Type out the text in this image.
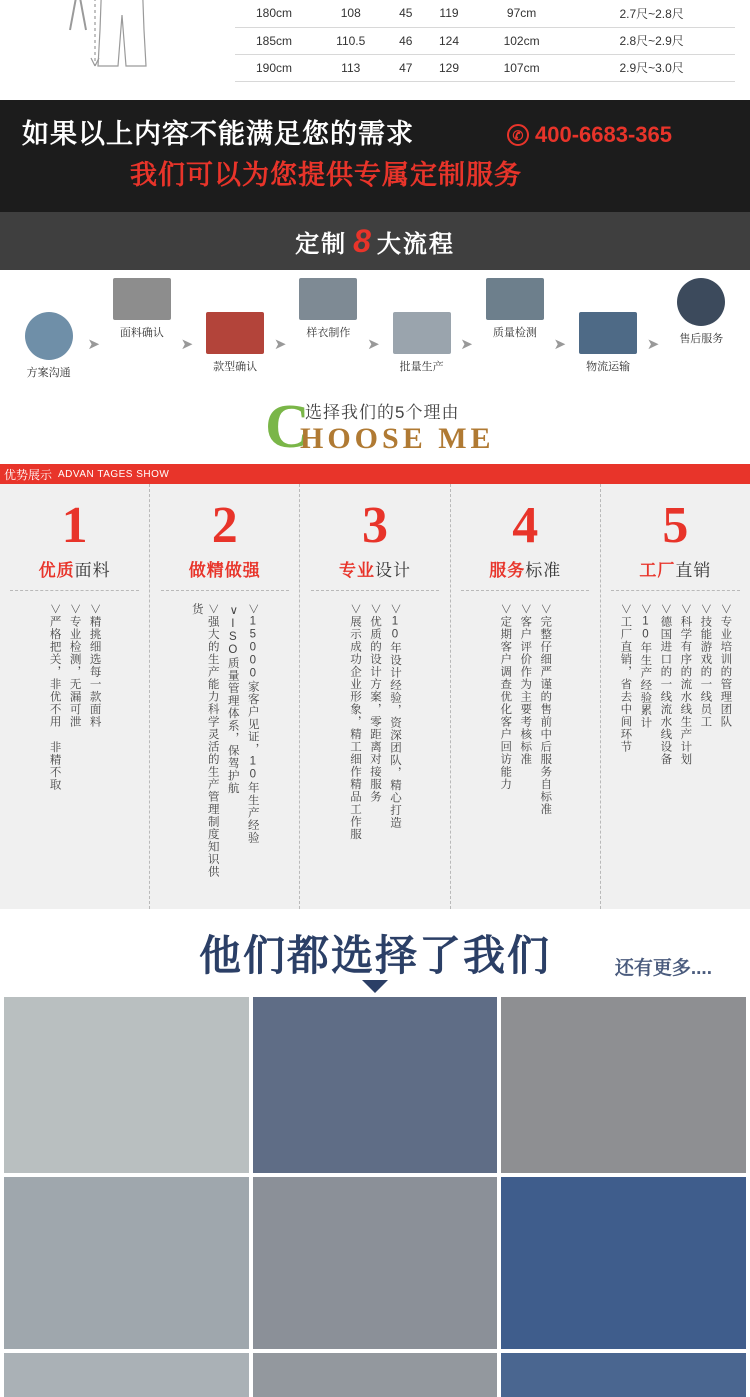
180cm	108	45	119	97cm	2.7尺~2.8尺
185cm	110.5	46	124	102cm	2.8尺~2.9尺
190cm	113	47	129	107cm	2.9尺~3.0尺
如果以上内容不能满足您的需求
我们可以为您提供专属定制服务
✆ 400-6683-365
定制 8 大流程
方案沟通
➤
面料确认
➤
款型确认
➤
样衣制作
➤
批量生产
➤
质量检测
➤
物流运输
➤	售后服务
C
选择我们的5个理由
HOOSE ME
优势展示 ADVAN TAGES SHOW
1
优质面料
∨精挑细选每一款面料
∨专业检测，无漏可泄
∨严格把关，非优不用 非精不取
2
做精做强
∨15000家客户见证，10年生产经验
∨ISO质量管理体系，保驾护航
∨强大的生产能力科学灵活的生产管理制度知识供货
3
专业设计
∨10年设计经验，资深团队，精心打造
∨优质的设计方案，零距离对接服务
∨展示成功企业形象，精工细作精品工作服
4
服务标准
∨完整仔细严谨的售前中后服务自标准
∨客户评价作为主要考核标准
∨定期客户调查优化客户回访能力
5
工厂直销
∨专业培训的管理团队
∨技能游戏的一线员工
∨科学有序的流水线生产计划
∨德国进口的一线流水线设备
∨10年生产经验累计
∨工厂直销，省去中间环节
他们都选择了我们	还有更多....
